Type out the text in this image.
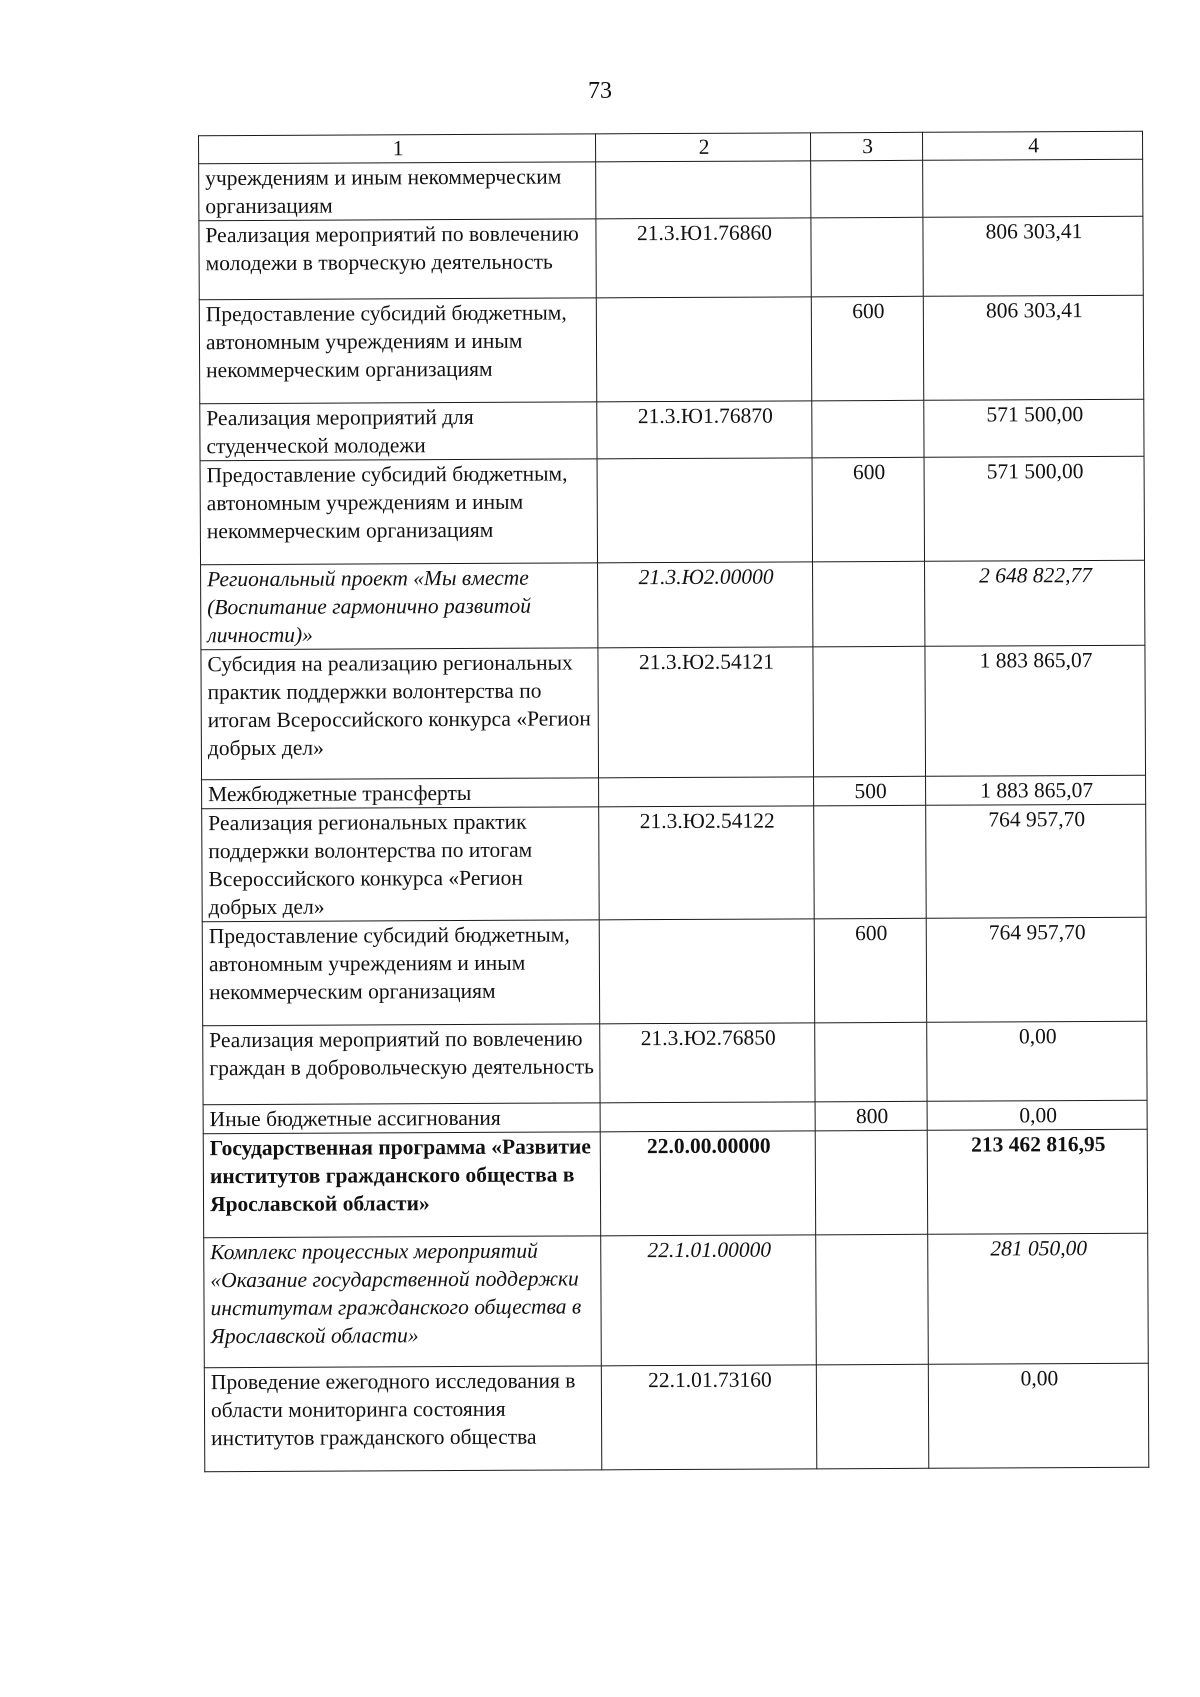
73
1	2	3	4
учреждениям и иным некоммерческим организациям			
Реализация мероприятий по вовлечению молодежи в творческую деятельность	21.3.Ю1.76860		806 303,41
Предоставление субсидий бюджетным, автономным учреждениям и иным некоммерческим организациям		600	806 303,41
Реализация мероприятий для студенческой молодежи	21.3.Ю1.76870		571 500,00
Предоставление субсидий бюджетным, автономным учреждениям и иным некоммерческим организациям		600	571 500,00
Региональный проект «Мы вместе (Воспитание гармонично развитой личности)»	21.3.Ю2.00000		2 648 822,77
Субсидия на реализацию региональных практик поддержки волонтерства по итогам Всероссийского конкурса «Регион добрых дел»	21.3.Ю2.54121		1 883 865,07
Межбюджетные трансферты		500	1 883 865,07
Реализация региональных практик поддержки волонтерства по итогам Всероссийского конкурса «Регион добрых дел»	21.3.Ю2.54122		764 957,70
Предоставление субсидий бюджетным, автономным учреждениям и иным некоммерческим организациям		600	764 957,70
Реализация мероприятий по вовлечению граждан в добровольческую деятельность	21.3.Ю2.76850		0,00
Иные бюджетные ассигнования		800	0,00
Государственная программа «Развитие институтов гражданского общества в Ярославской области»	22.0.00.00000		213 462 816,95
Комплекс процессных мероприятий «Оказание государственной поддержки институтам гражданского общества в Ярославской области»	22.1.01.00000		281 050,00
Проведение ежегодного исследования в области мониторинга состояния институтов гражданского общества	22.1.01.73160		0,00
